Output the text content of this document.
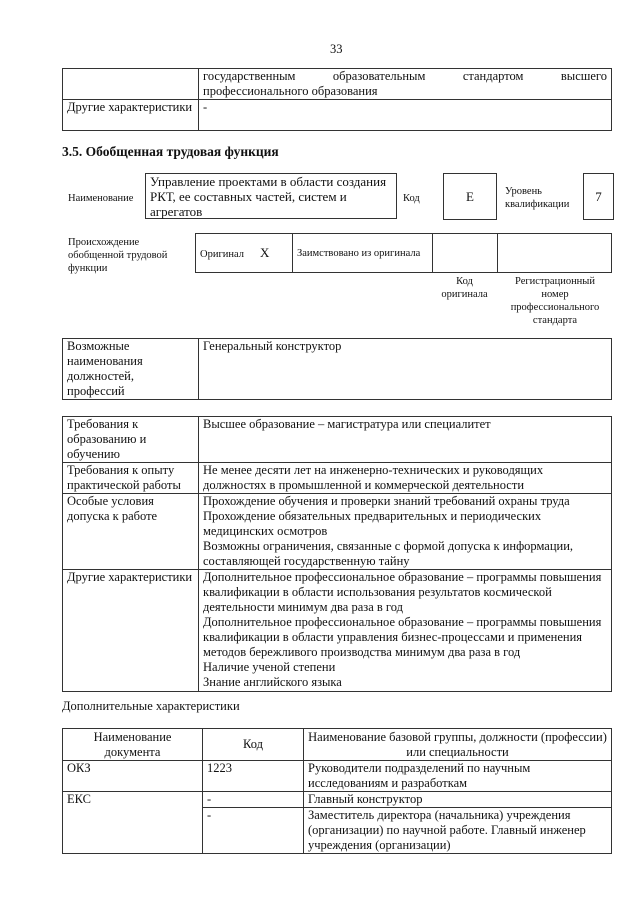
33

	государственным образовательным стандартом высшего
профессионального образования

Другие характеристики	-
3.5. Обобщенная трудовая функция
Наименование
Управление проектами в области создания РКТ, ее составных частей, систем и агрегатов
Код	E	Уровень квалификации
7
Происхождение обобщенной трудовой функции
Оригинал X	Заимствовано из оригинала		
Код оригинала
Регистрационный номер профессионального стандарта
Возможные наименования должностей, профессий	Генеральный конструктор
Требования к образованию и обучению	Высшее образование – магистратура или специалитет

Требования к опыту практической работы	Не менее десяти лет на инженерно-технических и руководящих должностях в промышленной и коммерческой деятельности

Особые условия допуска к работе	Прохождение обучения и проверки знаний требований охраны труда

Прохождение обязательных предварительных и периодических медицинских осмотров

Возможны ограничения, связанные с формой допуска к информации, составляющей государственную тайну

Другие характеристики	Дополнительное профессиональное образование – программы повышения квалификации в области использования результатов космической деятельности минимум два раза в год

Дополнительное профессиональное образование – программы повышения квалификации в области управления бизнес-процессами и применения методов бережливого производства минимум два раза в год

Наличие ученой степени

Знание английского языка

Дополнительные характеристики
Наименование документа	Код	Наименование базовой группы, должности (профессии) или специальности
ОКЗ	1223	Руководители подразделений по научным исследованиям и разработкам
ЕКС	-	Главный конструктор
	-	Заместитель директора (начальника) учреждения (организации) по научной работе. Главный инженер учреждения (организации)
